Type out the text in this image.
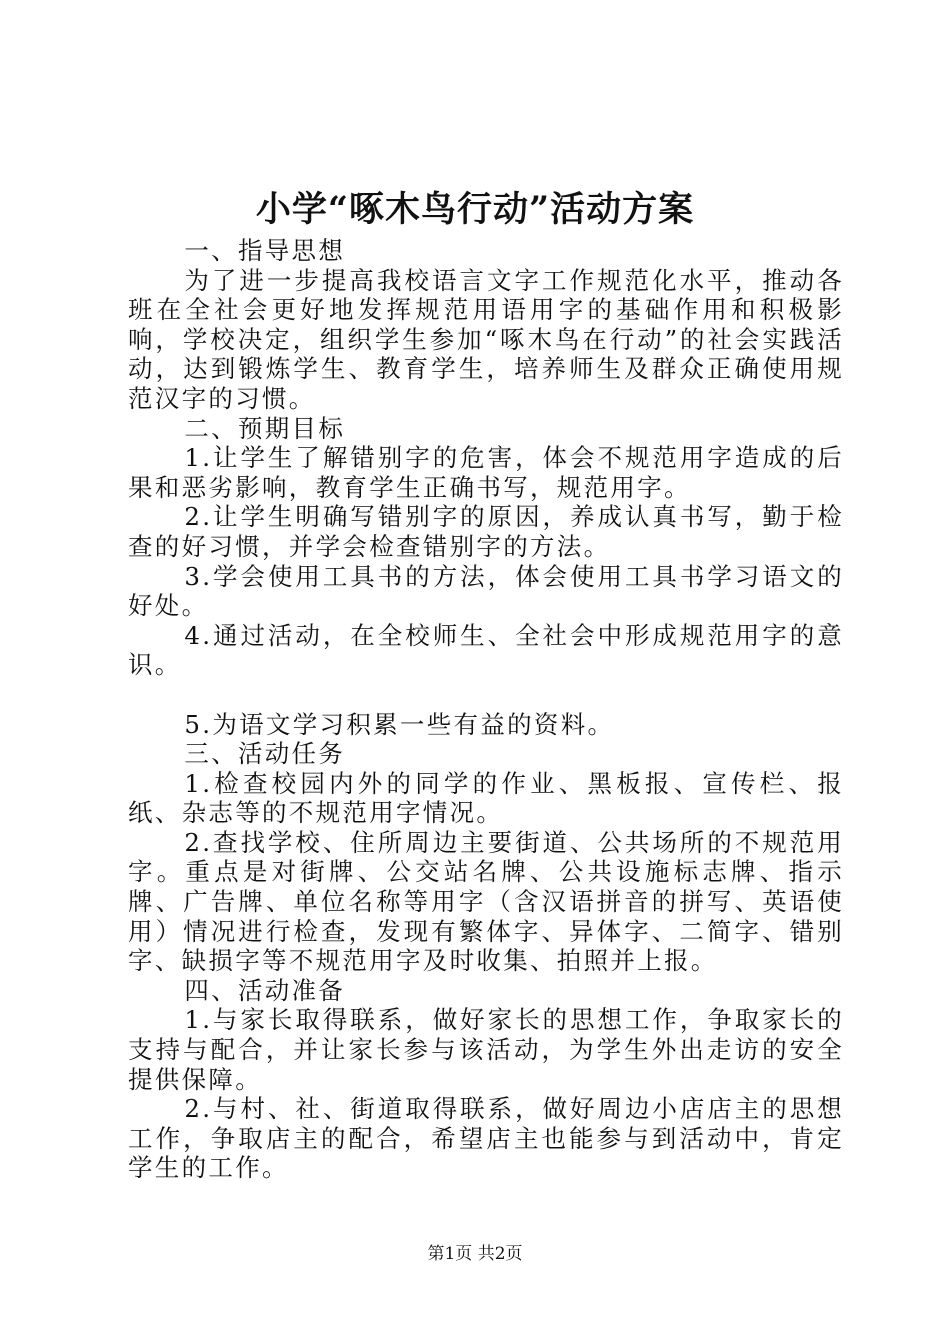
小学“啄木鸟行动”活动方案

一、指导思想

为了进一步提高我校语言文字工作规范化水平，推动各班在全社会更好地发挥规范用语用字的基础作用和积极影响，学校决定，组织学生参加“啄木鸟在行动”的社会实践活动，达到锻炼学生、教育学生，培养师生及群众正确使用规范汉字的习惯。

二、预期目标

1.让学生了解错别字的危害，体会不规范用字造成的后果和恶劣影响，教育学生正确书写，规范用字。

2.让学生明确写错别字的原因，养成认真书写，勤于检查的好习惯，并学会检查错别字的方法。

3.学会使用工具书的方法，体会使用工具书学习语文的好处。

4.通过活动，在全校师生、全社会中形成规范用字的意识。

5.为语文学习积累一些有益的资料。

三、活动任务

1.检查校园内外的同学的作业、黑板报、宣传栏、报纸、杂志等的不规范用字情况。

2.查找学校、住所周边主要街道、公共场所的不规范用字。重点是对街牌、公交站名牌、公共设施标志牌、指示牌、广告牌、单位名称等用字（含汉语拼音的拼写、英语使用）情况进行检查，发现有繁体字、异体字、二简字、错别字、缺损字等不规范用字及时收集、拍照并上报。

四、活动准备

1.与家长取得联系，做好家长的思想工作，争取家长的支持与配合，并让家长参与该活动，为学生外出走访的安全提供保障。

2.与村、社、街道取得联系，做好周边小店店主的思想工作，争取店主的配合，希望店主也能参与到活动中，肯定学生的工作。

第1页 共2页
